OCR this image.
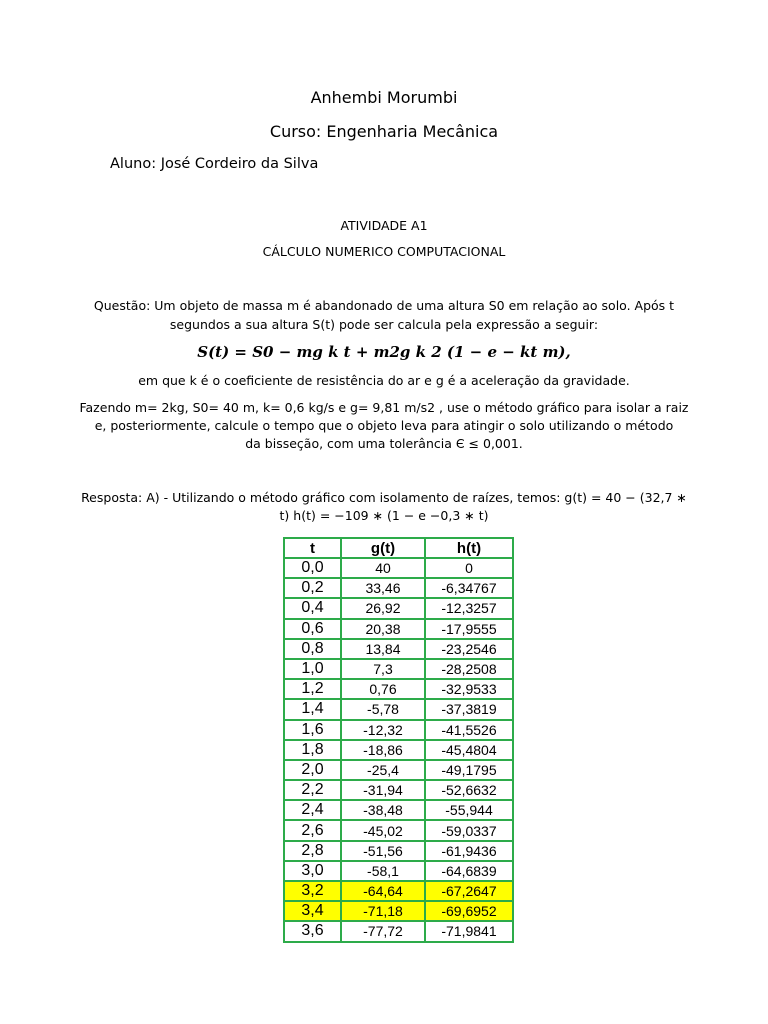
Anhembi Morumbi
Curso: Engenharia Mecânica
Aluno: José Cordeiro da Silva
ATIVIDADE A1
CÁLCULO NUMERICO COMPUTACIONAL
Questão: Um objeto de massa m é abandonado de uma altura S0 em relação ao solo. Após t
segundos a sua altura S(t) pode ser calcula pela expressão a seguir:
S(t) = S0 − mg k t + m2g k 2 (1 − e − kt m),
em que k é o coeficiente de resistência do ar e g é a aceleração da gravidade.
Fazendo m= 2kg, S0= 40 m, k= 0,6 kg/s e g= 9,81 m/s2 , use o método gráfico para isolar a raiz
e, posteriormente, calcule o tempo que o objeto leva para atingir o solo utilizando o método
da bisseção, com uma tolerância Є ≤ 0,001.
Resposta: A) - Utilizando o método gráfico com isolamento de raízes, temos: g(t) = 40 − (32,7 ∗
t) h(t) = −109 ∗ (1 − e −0,3 ∗ t)
t	g(t)	h(t)
0,0	40	0
0,2	33,46	-6,34767
0,4	26,92	-12,3257
0,6	20,38	-17,9555
0,8	13,84	-23,2546
1,0	7,3	-28,2508
1,2	0,76	-32,9533
1,4	-5,78	-37,3819
1,6	-12,32	-41,5526
1,8	-18,86	-45,4804
2,0	-25,4	-49,1795
2,2	-31,94	-52,6632
2,4	-38,48	-55,944
2,6	-45,02	-59,0337
2,8	-51,56	-61,9436
3,0	-58,1	-64,6839
3,2	-64,64	-67,2647
3,4	-71,18	-69,6952
3,6	-77,72	-71,9841
